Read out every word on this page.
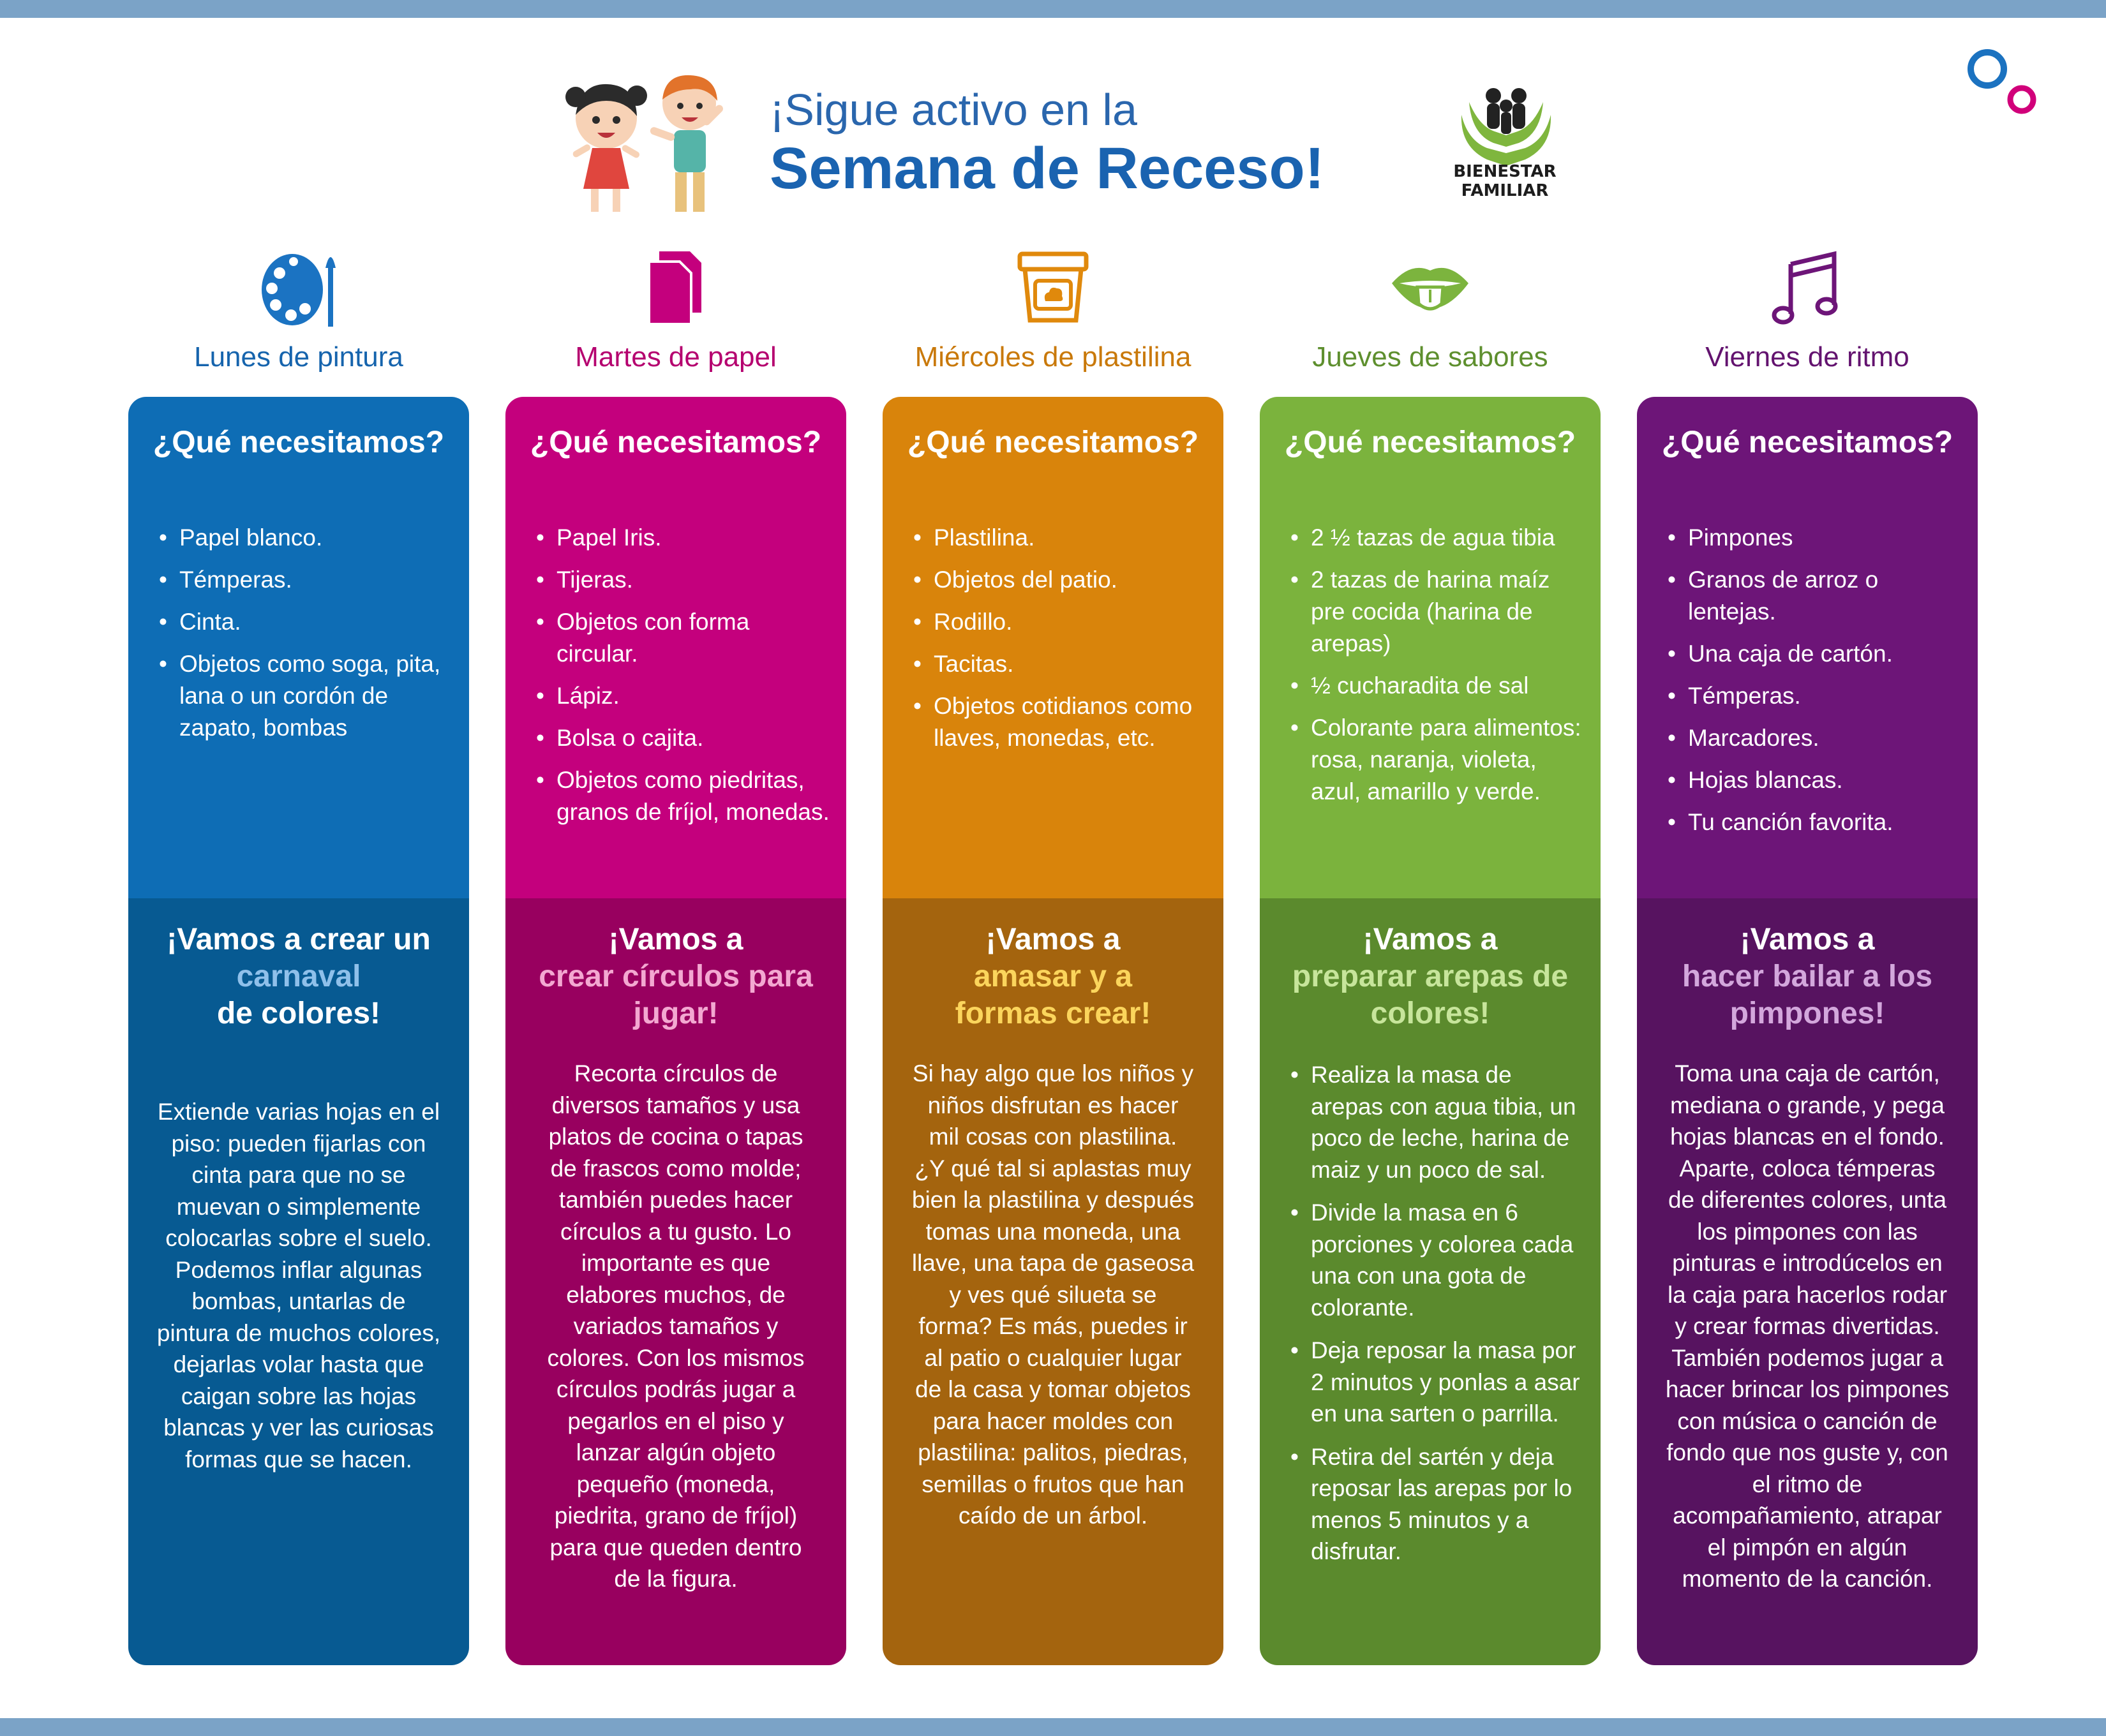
¡Sigue activo en la
Semana de Receso!	BIENESTAR
FAMILIAR
Lunes de pintura
¿Qué necesitamos?
• Papel blanco.
• Témperas.
• Cinta.
• Objetos como soga, pita, lana o un cordón de zapato, bombas
¡Vamos a crear un
carnaval
de colores!
Extiende varias hojas en el piso: pueden fijarlas con cinta para que no se muevan o simplemente colocarlas sobre el suelo. Podemos inflar algunas bombas, untarlas de pintura de muchos colores, dejarlas volar hasta que caigan sobre las hojas blancas y ver las curiosas formas que se hacen.
Martes de papel
¿Qué necesitamos?
• Papel Iris.
• Tijeras.
• Objetos con forma circular.
• Lápiz.
• Bolsa o cajita.
• Objetos como piedritas, granos de fríjol, monedas.
¡Vamos a
crear círculos para jugar!
Recorta círculos de diversos tamaños y usa platos de cocina o tapas de frascos como molde; también puedes hacer círculos a tu gusto. Lo importante es que elabores muchos, de variados tamaños y colores. Con los mismos círculos podrás jugar a pegarlos en el piso y lanzar algún objeto pequeño (moneda, piedrita, grano de fríjol) para que queden dentro de la figura.
Miércoles de plastilina
¿Qué necesitamos?
• Plastilina.
• Objetos del patio.
• Rodillo.
• Tacitas.
• Objetos cotidianos como llaves, monedas, etc.
¡Vamos a
amasar y a formas crear!
Si hay algo que los niños y niños disfrutan es hacer mil cosas con plastilina. ¿Y qué tal si aplastas muy bien la plastilina y después tomas una moneda, una llave, una tapa de gaseosa y ves qué silueta se forma? Es más, puedes ir al patio o cualquier lugar de la casa y tomar objetos para hacer moldes con plastilina: palitos, piedras, semillas o frutos que han caído de un árbol.
Jueves de sabores
¿Qué necesitamos?
• 2 ½ tazas de agua tibia
• 2 tazas de harina maíz pre cocida (harina de arepas)
• ½ cucharadita de sal
• Colorante para alimentos: rosa, naranja, violeta, azul, amarillo y verde.
¡Vamos a
preparar arepas de colores!
• Realiza la masa de arepas con agua tibia, un poco de leche, harina de maiz y un poco de sal.
• Divide la masa en 6 porciones y colorea cada una con una gota de colorante.
• Deja reposar la masa por 2 minutos y ponlas a asar en una sarten o parrilla.
• Retira del sartén y deja reposar las arepas por lo menos 5 minutos y a disfrutar.
Viernes de ritmo
¿Qué necesitamos?
• Pimpones
• Granos de arroz o lentejas.
• Una caja de cartón.
• Témperas.
• Marcadores.
• Hojas blancas.
• Tu canción favorita.
¡Vamos a
hacer bailar a los pimpones!
Toma una caja de cartón, mediana o grande, y pega hojas blancas en el fondo. Aparte, coloca témperas de diferentes colores, unta los pimpones con las pinturas e introdúcelos en la caja para hacerlos rodar y crear formas divertidas. También podemos jugar a hacer brincar los pimpones con música o canción de fondo que nos guste y, con el ritmo de acompañamiento, atrapar el pimpón en algún momento de la canción.
